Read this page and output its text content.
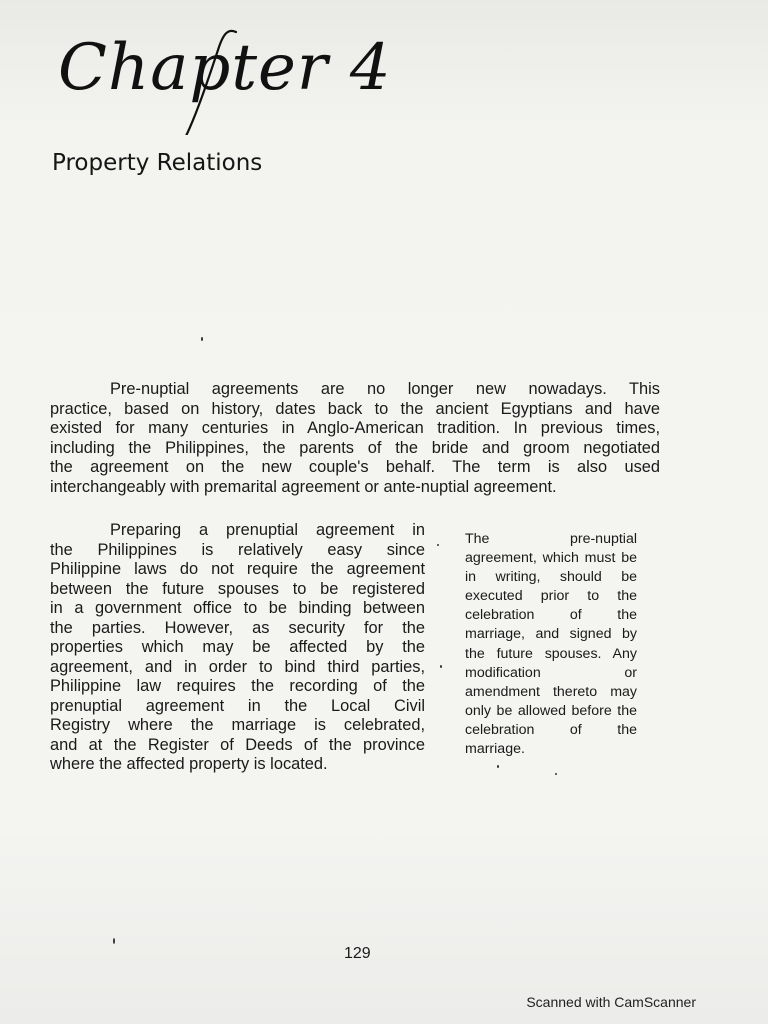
Chapter 4
Property Relations

Pre-nuptial agreements are no longer new nowadays. This
practice, based on history, dates back to the ancient Egyptians and have
existed for many centuries in Anglo-American tradition. In previous times,
including the Philippines, the parents of the bride and groom negotiated
the agreement on the new couple's behalf. The term is also used
interchangeably with premarital agreement or ante-nuptial agreement.

Preparing a prenuptial agreement in
the Philippines is relatively easy since
Philippine laws do not require the agreement
between the future spouses to be registered
in a government office to be binding between
the parties. However, as security for the
properties which may be affected by the
agreement, and in order to bind third parties,
Philippine law requires the recording of the
prenuptial agreement in the Local Civil
Registry where the marriage is celebrated,
and at the Register of Deeds of the province
where the affected property is located.

The pre-nuptial
agreement, which must be
in writing, should be
executed prior to the
celebration of the
marriage, and signed by
the future spouses. Any
modification or
amendment thereto may
only be allowed before the
celebration of the
marriage.

129
Scanned with CamScanner
